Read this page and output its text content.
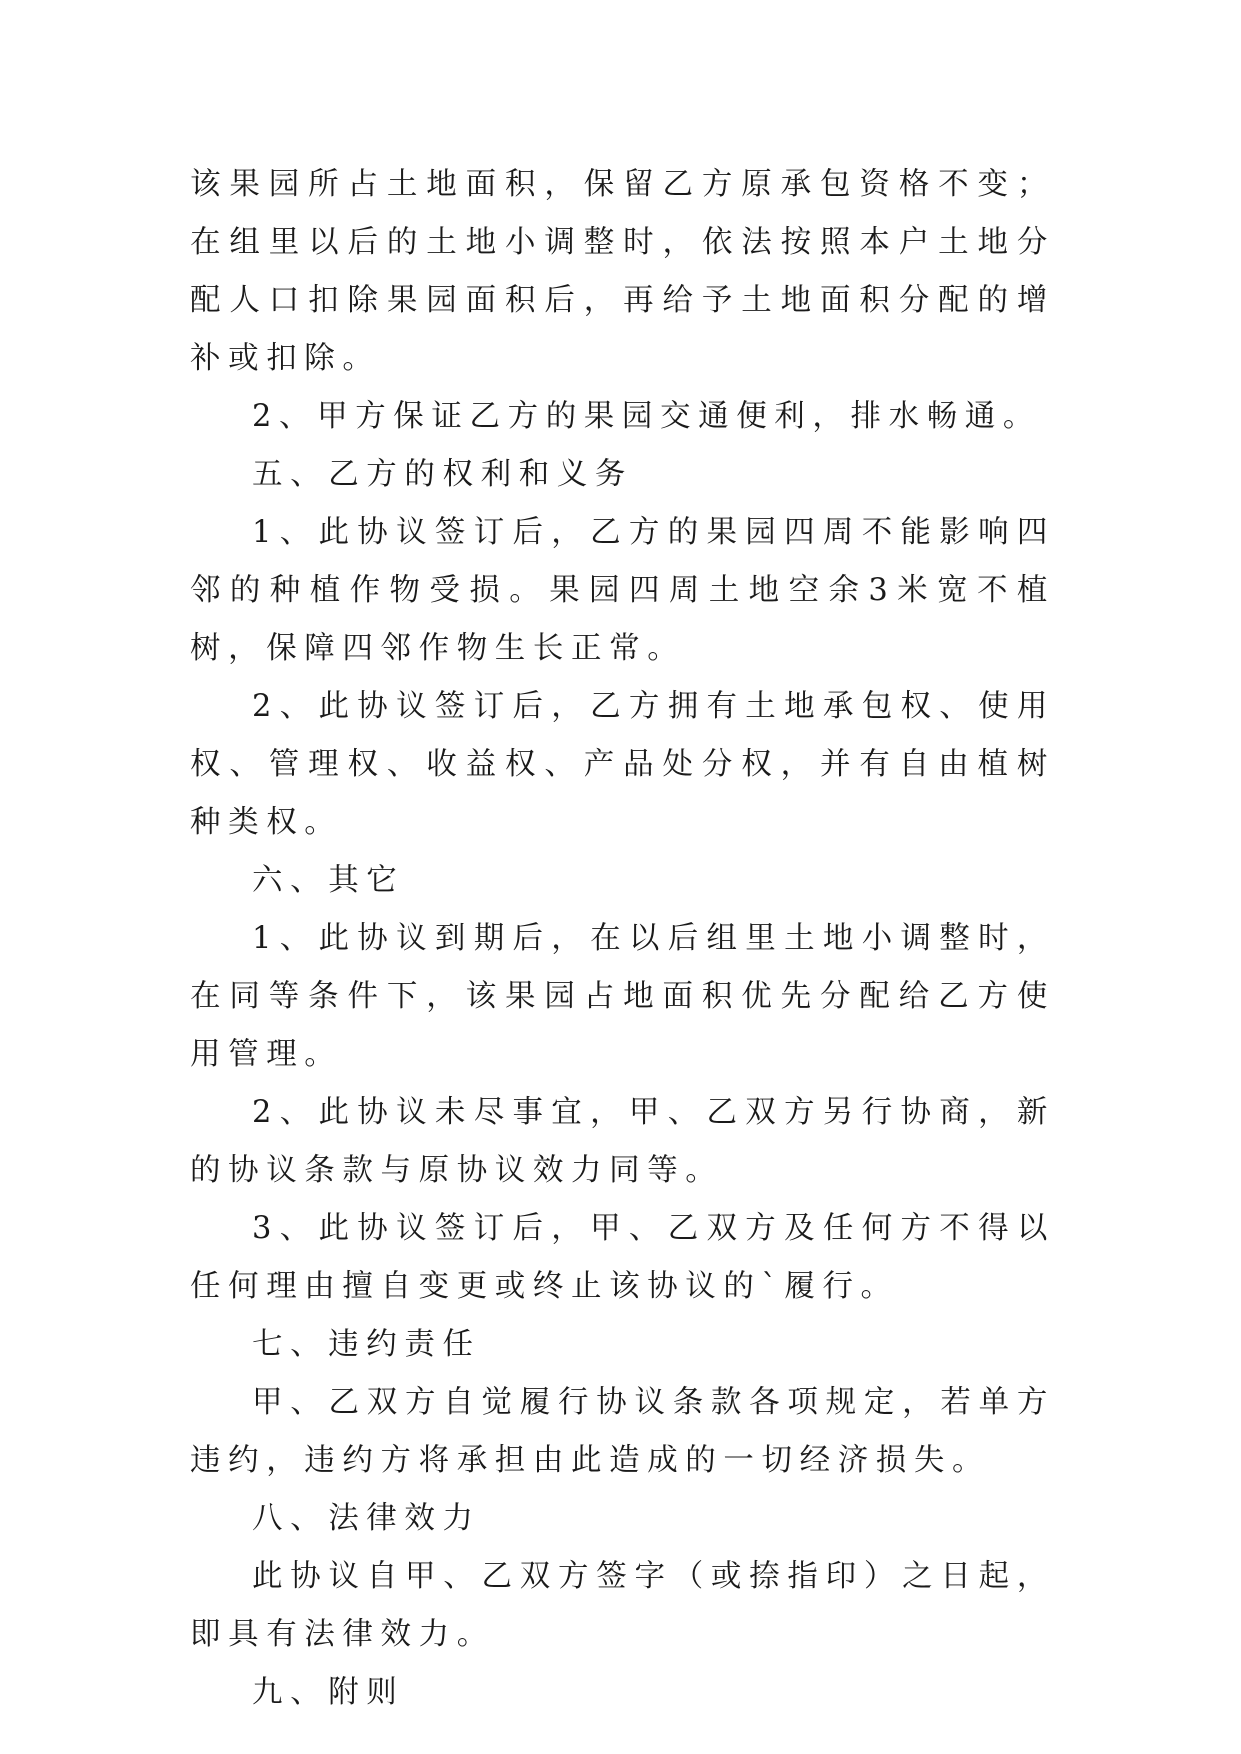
该果园所占土地面积，保留乙方原承包资格不变；在组里以后的土地小调整时，依法按照本户土地分配人口扣除果园面积后，再给予土地面积分配的增补或扣除。

2、甲方保证乙方的果园交通便利，排水畅通。

五、乙方的权利和义务

1、此协议签订后，乙方的果园四周不能影响四邻的种植作物受损。果园四周土地空余3米宽不植树，保障四邻作物生长正常。

2、此协议签订后，乙方拥有土地承包权、使用权、管理权、收益权、产品处分权，并有自由植树种类权。

六、其它

1、此协议到期后，在以后组里土地小调整时，在同等条件下，该果园占地面积优先分配给乙方使用管理。

2、此协议未尽事宜，甲、乙双方另行协商，新的协议条款与原协议效力同等。

3、此协议签订后，甲、乙双方及任何方不得以任何理由擅自变更或终止该协议的`履行。

七、违约责任

甲、乙双方自觉履行协议条款各项规定，若单方违约，违约方将承担由此造成的一切经济损失。

八、法律效力

此协议自甲、乙双方签字（或捺指印）之日起，即具有法律效力。

九、附则
